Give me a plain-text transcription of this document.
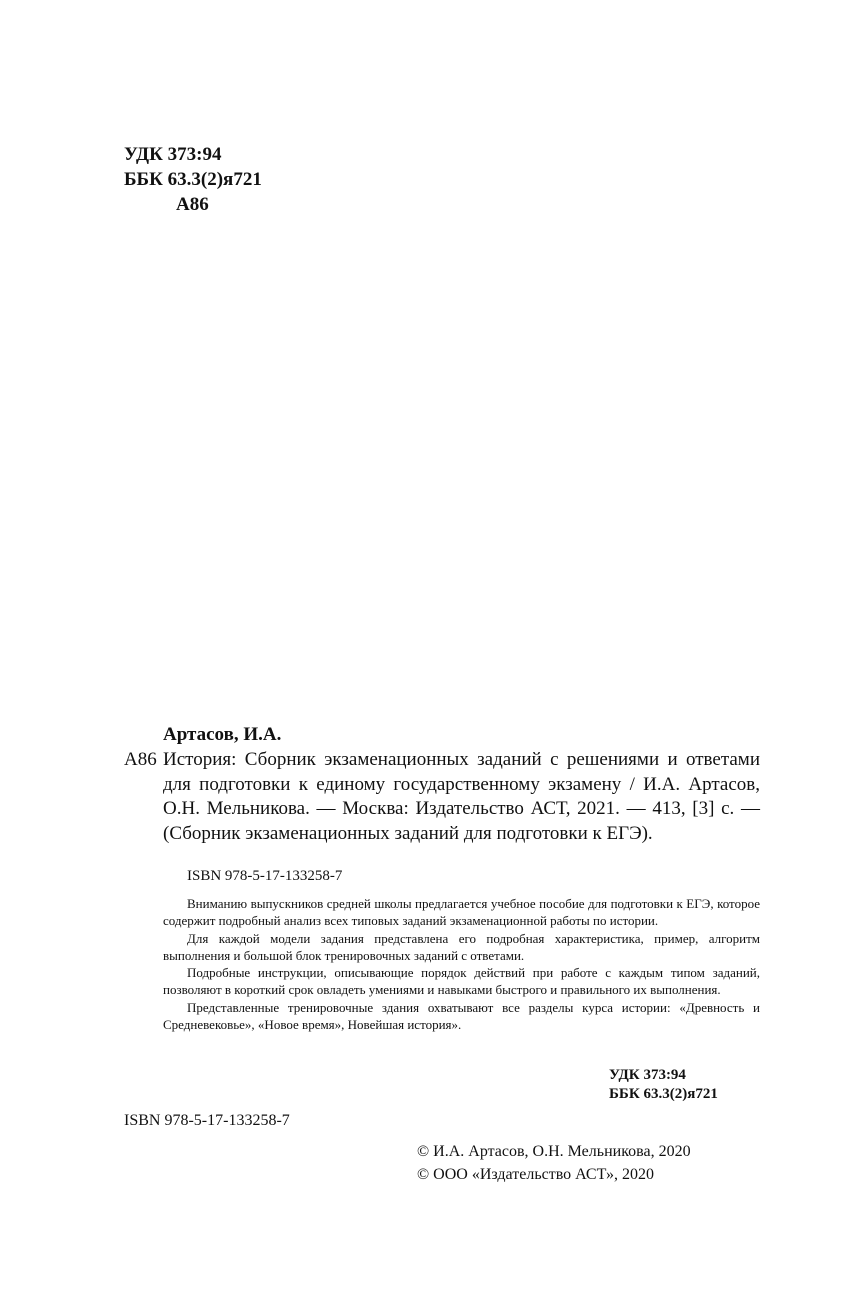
УДК 373:94
ББК 63.3(2)я721
А86
Артасов, И.А.
А86 История: Сборник экзаменационных заданий с решениями и ответами для подготовки к единому государственному экзамену / И.А. Артасов, О.Н. Мельникова. — Москва: Издательство АСТ, 2021. — 413, [3] с. — (Сборник экзаменационных заданий для подготовки к ЕГЭ).
ISBN 978-5-17-133258-7

Вниманию выпускников средней школы предлагается учебное пособие для подготовки к ЕГЭ, которое содержит подробный анализ всех типовых заданий экзаменационной работы по истории.

Для каждой модели задания представлена его подробная характеристика, пример, алгоритм выполнения и большой блок тренировочных заданий с ответами.

Подробные инструкции, описывающие порядок действий при работе с каждым типом заданий, позволяют в короткий срок овладеть умениями и навыками быстрого и правильного их выполнения.

Представленные тренировочные здания охватывают все разделы курса истории: «Древность и Средневековье», «Новое время», Новейшая история».

УДК 373:94
ББК 63.3(2)я721
ISBN 978-5-17-133258-7
© И.А. Артасов, О.Н. Мельникова, 2020
© ООО «Издательство АСТ», 2020
